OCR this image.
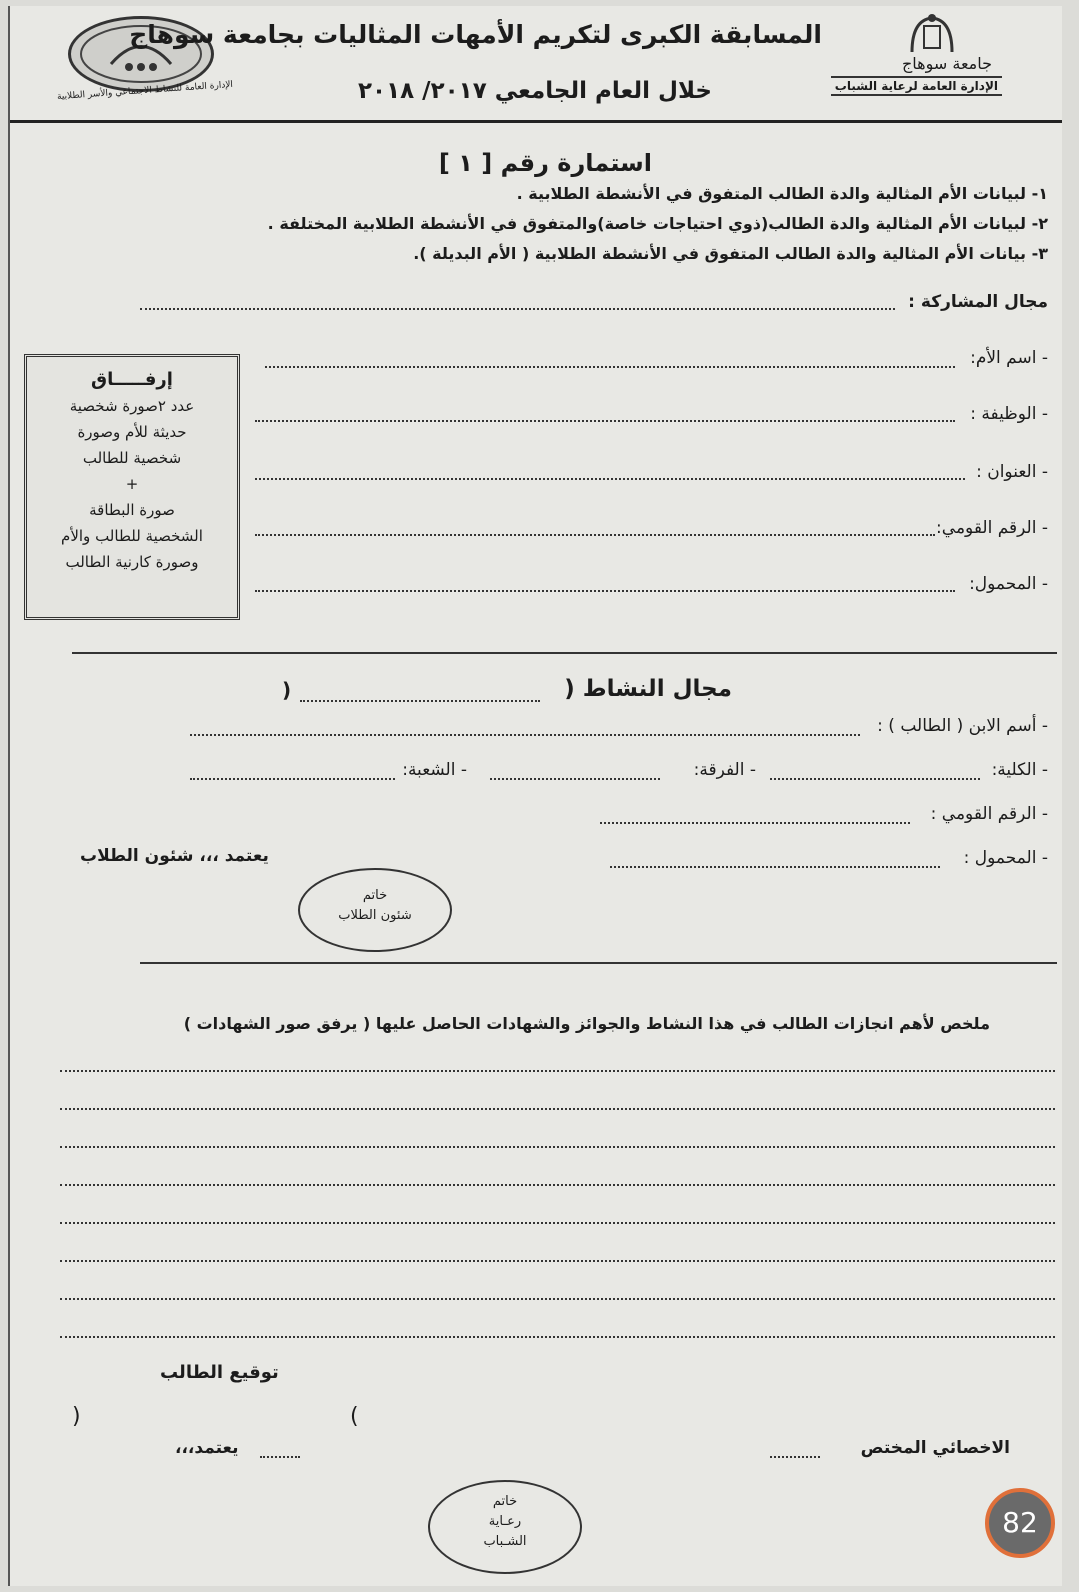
الإدارة العامة للنشاط الاجتماعي والأسر الطلابية
جامعة سوهاج
الإدارة العامة لرعاية الشباب
المسابقة الكبرى لتكريم الأمهات المثاليات بجامعة سوهاج
خلال العام الجامعي ٢٠١٧/ ٢٠١٨
استمارة رقم [ ١ ]
١- لبيانات الأم المثالية والدة الطالب المتفوق في الأنشطة الطلابية .
٢- لبيانات الأم المثالية والدة الطالب(ذوي احتياجات خاصة)والمتفوق في الأنشطة الطلابية المختلفة .
٣- بيانات الأم المثالية والدة الطالب المتفوق في الأنشطة الطلابية ( الأم البديلة ).
مجال المشاركة :
- اسم الأم:
- الوظيفة :
- العنوان :
- الرقم القومي:
- المحمول:
إرفـــــاق
عدد ٢صورة شخصية
حديثة للأم وصورة
شخصية للطالب
+
صورة البطاقة
الشخصية للطالب والأم
وصورة كارنية الطالب
مجال النشاط (
)
- أسم الابن ( الطالب ) :
- الكلية:
- الفرقة:
- الشعبة:
- الرقم القومي :
- المحمول :
يعتمد ،،، شئون الطلاب
خاتم
شئون الطلاب
ملخص لأهم انجازات الطالب في هذا النشاط والجوائز والشهادات الحاصل عليها ( يرفق صور الشهادات )
توقيع الطالب
(
)
الاخصائي المختص
يعتمد،،،
خاتم
رعـاية
الشـباب
82
